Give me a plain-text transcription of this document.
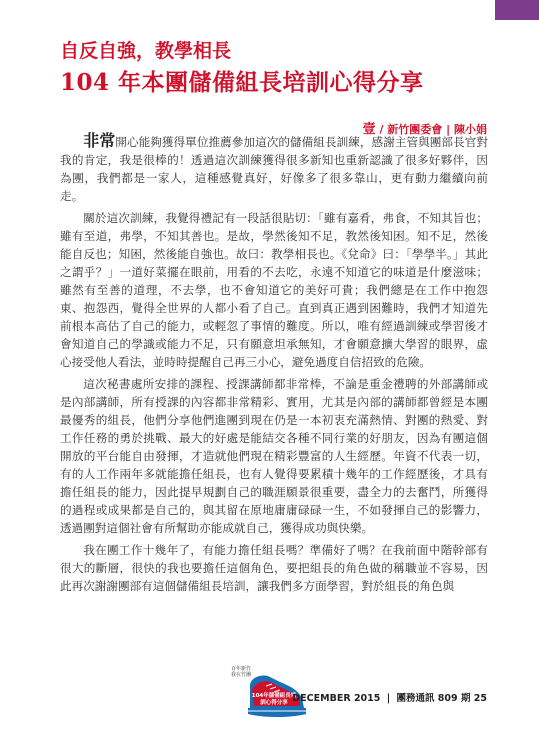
自反自強，教學相長
104 年本團儲備組長培訓心得分享
壹 / 新竹團委會 | 陳小娟

非常開心能夠獲得單位推薦參加這次的儲備組長訓練，感謝主管與團部長官對我的肯定，我是很棒的！透過這次訓練獲得很多新知也重新認識了很多好夥伴，因為團，我們都是一家人，這種感覺真好，好像多了很多靠山，更有動力繼續向前走。

關於這次訓練，我覺得禮記有一段話很貼切：「雖有嘉肴，弗食，不知其旨也；雖有至道，弗學，不知其善也。是故，學然後知不足，教然後知困。知不足，然後能自反也；知困，然後能自強也。故曰：教學相長也。《兌命》曰：「學學半。」其此之謂乎？」一道好菜擺在眼前，用看的不去吃，永遠不知道它的味道是什麼滋味；雖然有至善的道理，不去學，也不會知道它的美好可貴；我們總是在工作中抱怨東、抱怨西，覺得全世界的人都小看了自己。直到真正遇到困難時，我們才知道先前根本高估了自己的能力，或輕忽了事情的難度。所以，唯有經過訓練或學習後才會知道自己的學識或能力不足，只有願意坦承無知，才會願意擴大學習的眼界，虛心接受他人看法，並時時提醒自己再三小心，避免過度自信招致的危險。

這次秘書處所安排的課程、授課講師都非常棒，不論是重金禮聘的外部講師或是內部講師，所有授課的內容都非常精彩、實用，尤其是內部的講師都曾經是本團最優秀的組長，他們分享他們進團到現在仍是一本初衷充滿熱情、對團的熱愛、對工作任務的勇於挑戰、最大的好處是能結交各種不同行業的好朋友，因為有團這個開放的平台能自由發揮，才造就他們現在精彩豐富的人生經歷。年資不代表一切，有的人工作兩年多就能擔任組長，也有人覺得要累積十幾年的工作經歷後，才具有擔任組長的能力，因此提早規劃自己的職涯願景很重要，盡全力的去奮鬥，所獲得的過程或成果都是自己的，與其留在原地庸庸碌碌一生，不如發揮自己的影響力，透過團對這個社會有所幫助亦能成就自己，獲得成功與快樂。

我在團工作十幾年了，有能力擔任組長嗎？準備好了嗎？在我前面中階幹部有很大的斷層，很快的我也要擔任這個角色，要把組長的角色做的稱職並不容易，因此再次謝謝團部有這個儲備組長培訓，讓我們多方面學習，對於組長的角色與

百年新竹 我在竹團
104年儲備組長培訓心得分享 DECEMBER 2015 | 團務通訊 809 期 25
